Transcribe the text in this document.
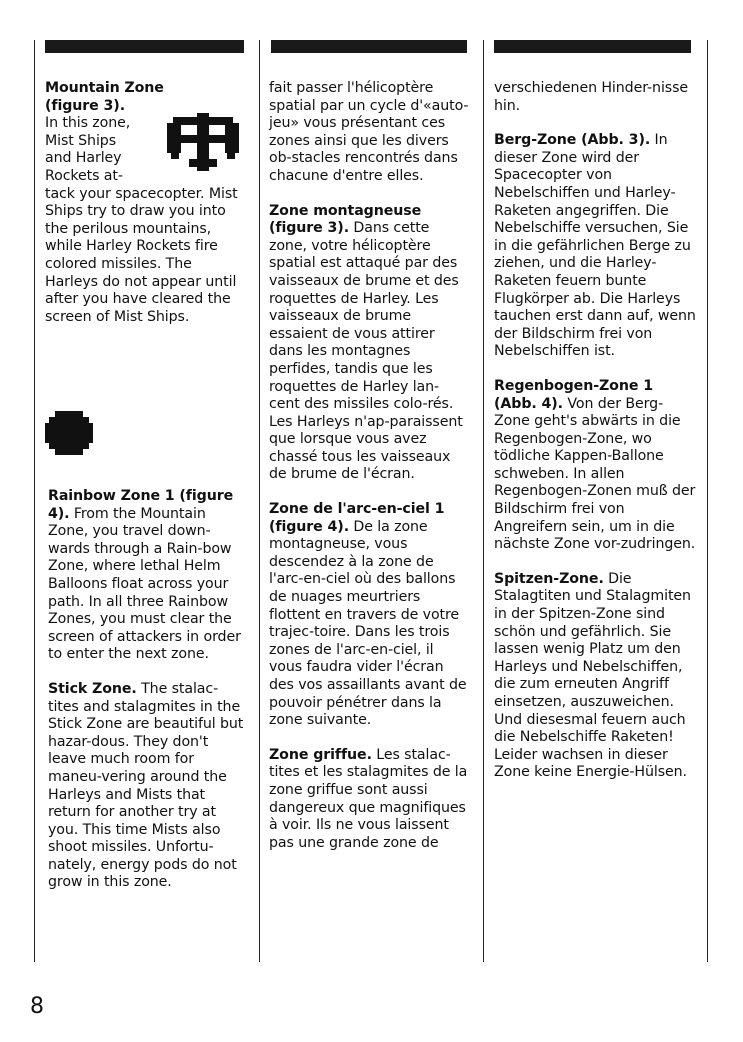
Mountain Zone
(figure 3).
In this zone,
Mist Ships
and Harley
Rockets at-
tack your spacecopter. Mist Ships try to draw you into the perilous mountains, while Harley Rockets fire colored missiles. The Harleys do not appear until after you have cleared the screen of Mist Ships.

Rainbow Zone 1 (figure 4). From the Mountain Zone, you travel down-wards through a Rain-bow Zone, where lethal Helm Balloons float across your path. In all three Rainbow Zones, you must clear the screen of attackers in order to enter the next zone.

Stick Zone. The stalac-tites and stalagmites in the Stick Zone are beautiful but hazar-dous. They don't leave much room for maneu-vering around the Harleys and Mists that return for another try at you. This time Mists also shoot missiles. Unfortu-nately, energy pods do not grow in this zone.

fait passer l'hélicoptère spatial par un cycle d'«auto-jeu» vous présentant ces zones ainsi que les divers ob-stacles rencontrés dans chacune d'entre elles.

Zone montagneuse (figure 3). Dans cette zone, votre hélicoptère spatial est attaqué par des vaisseaux de brume et des roquettes de Harley. Les vaisseaux de brume essaient de vous attirer dans les montagnes perfides, tandis que les roquettes de Harley lan-cent des missiles colo-rés. Les Harleys n'ap-paraissent que lorsque vous avez chassé tous les vaisseaux de brume de l'écran.

Zone de l'arc-en-ciel 1 (figure 4). De la zone montagneuse, vous descendez à la zone de l'arc-en-ciel où des ballons de nuages meurtriers flottent en travers de votre trajec-toire. Dans les trois zones de l'arc-en-ciel, il vous faudra vider l'écran des vos assaillants avant de pouvoir pénétrer dans la zone suivante.

Zone griffue. Les stalac-tites et les stalagmites de la zone griffue sont aussi dangereux que magnifiques à voir. Ils ne vous laissent pas une grande zone de

verschiedenen Hinder-nisse hin.

Berg-Zone (Abb. 3). In dieser Zone wird der Spacecopter von Nebelschiffen und Harley-Raketen angegriffen. Die Nebelschiffe versuchen, Sie in die gefährlichen Berge zu ziehen, und die Harley-Raketen feuern bunte Flugkörper ab. Die Harleys tauchen erst dann auf, wenn der Bildschirm frei von Nebelschiffen ist.

Regenbogen-Zone 1 (Abb. 4). Von der Berg-Zone geht's abwärts in die Regenbogen-Zone, wo tödliche Kappen-Ballone schweben. In allen Regenbogen-Zonen muß der Bildschirm frei von Angreifern sein, um in die nächste Zone vor-zudringen.

Spitzen-Zone. Die Stalagtiten und Stalagmiten in der Spitzen-Zone sind schön und gefährlich. Sie lassen wenig Platz um den Harleys und Nebelschiffen, die zum erneuten Angriff einsetzen, auszuweichen. Und diesesmal feuern auch die Nebelschiffe Raketen! Leider wachsen in dieser Zone keine Energie-Hülsen.

8
